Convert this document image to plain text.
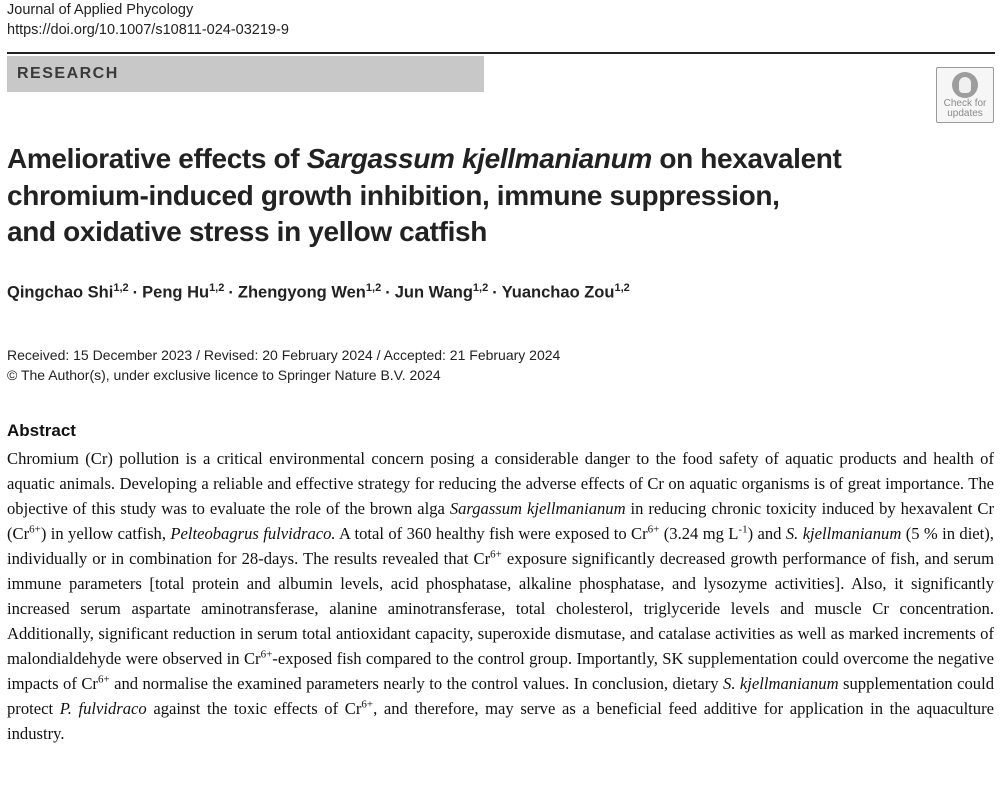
Journal of Applied Phycology
https://doi.org/10.1007/s10811-024-03219-9
RESEARCH
Check for
updates
Ameliorative effects of Sargassum kjellmanianum on hexavalent
chromium-induced growth inhibition, immune suppression,
and oxidative stress in yellow catfish
Qingchao Shi$^{1,2}$ · Peng Hu$^{1,2}$ · Zhengyong Wen$^{1,2}$ · Jun Wang$^{1,2}$ · Yuanchao Zou$^{1,2}$
Received: 15 December 2023 / Revised: 20 February 2024 / Accepted: 21 February 2024
© The Author(s), under exclusive licence to Springer Nature B.V. 2024
Abstract
Chromium (Cr) pollution is a critical environmental concern posing a considerable danger to the food safety of aquatic products and health of aquatic animals. Developing a reliable and effective strategy for reducing the adverse effects of Cr on aquatic organisms is of great importance. The objective of this study was to evaluate the role of the brown alga Sargassum kjellmanianum in reducing chronic toxicity induced by hexavalent Cr $(Cr^{6+})$ in yellow catfish, Pelteobagrus fulvidraco. A total of 360 healthy fish were exposed to $Cr^{6+}$ (3.24 mg $L^{-1}$) and S. kjellmanianum (5 % in diet), individually or in combination for 28-days. The results revealed that $Cr^{6+}$ exposure significantly decreased growth performance of fish, and serum immune parameters [total protein and albumin levels, acid phosphatase, alkaline phosphatase, and lysozyme activities]. Also, it significantly increased serum aspartate aminotransferase, alanine aminotransferase, total cholesterol, triglyceride levels and muscle Cr concentration. Additionally, significant reduction in serum total antioxidant capacity, superoxide dismutase, and catalase activities as well as marked increments of malondialdehyde were observed in $Cr^{6+}$-exposed fish compared to the control group. Importantly, SK supplementation could overcome the negative impacts of $Cr^{6+}$ and normalise the examined parameters nearly to the control values. In conclusion, dietary S. kjellmanianum supplementation could protect P. fulvidraco against the toxic effects of $Cr^{6+}$, and therefore, may serve as a beneficial feed additive for application in the aquaculture industry.
